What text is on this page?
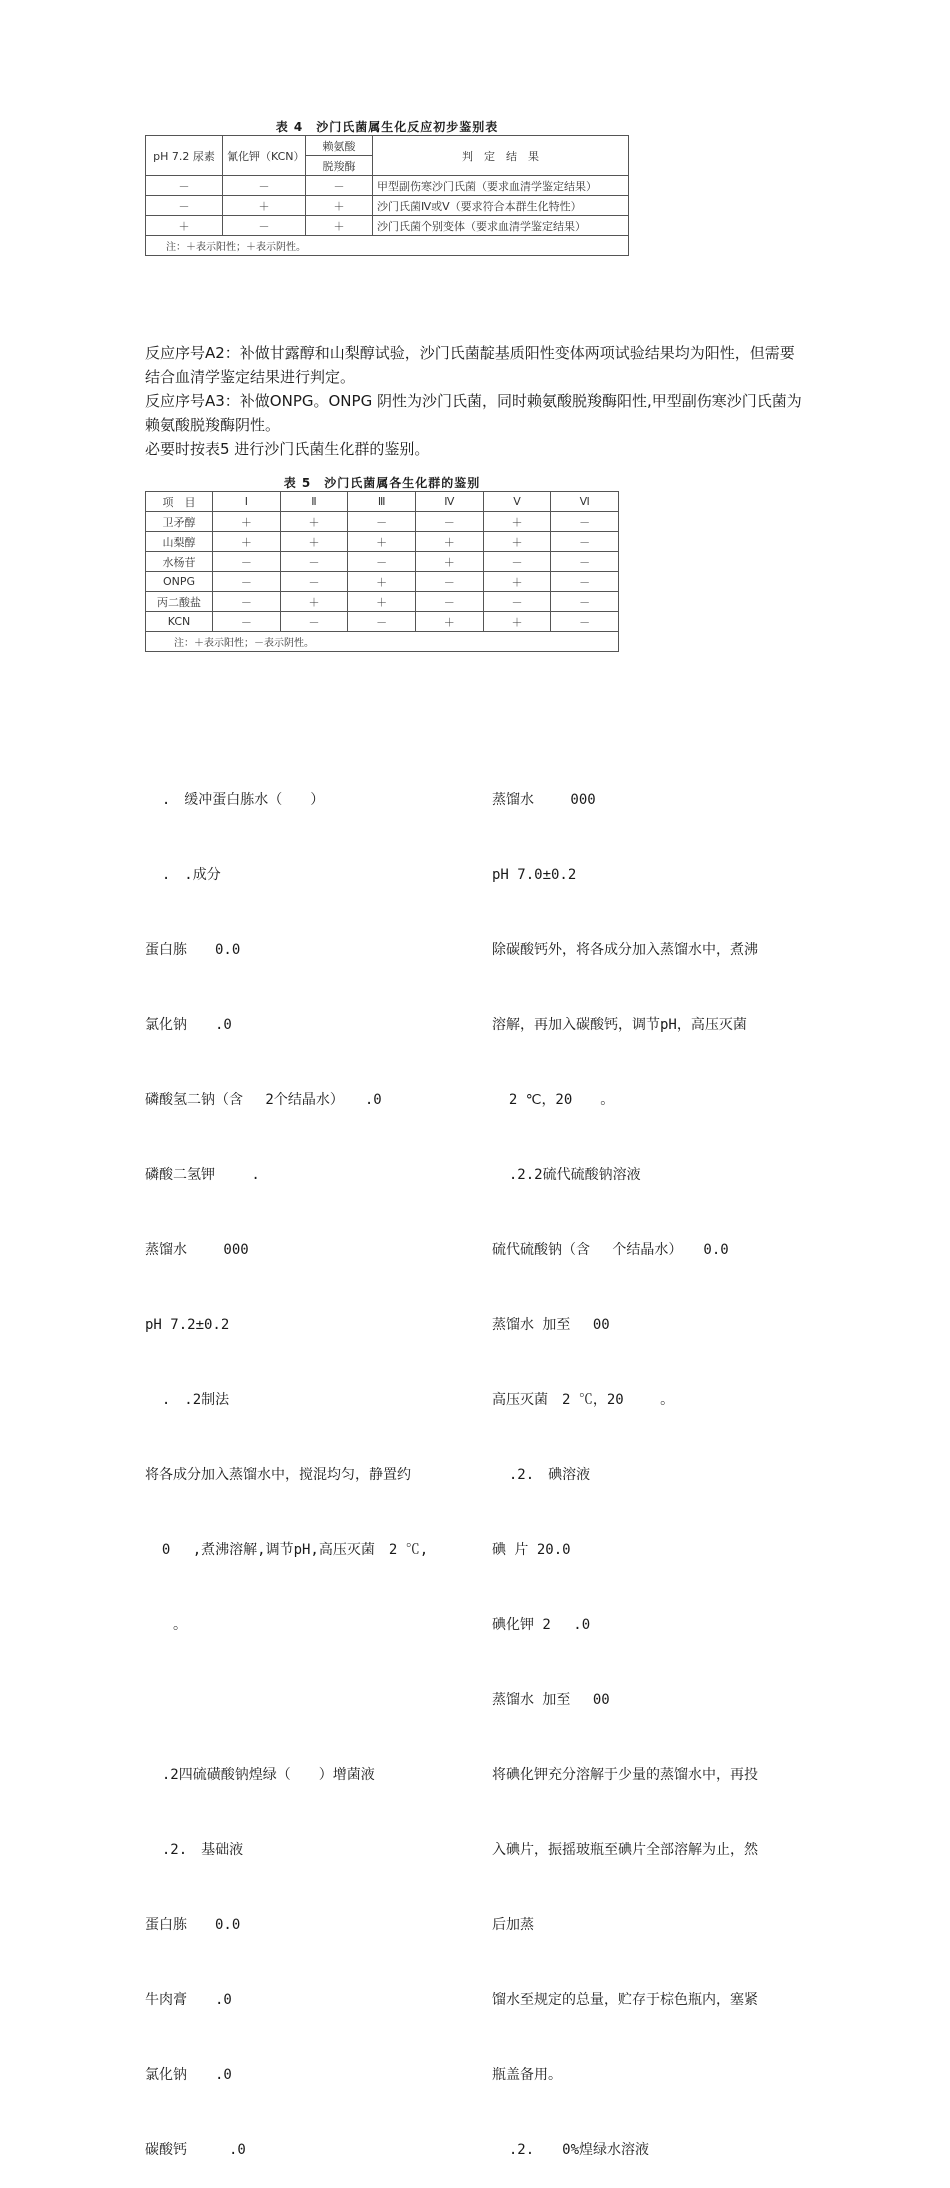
表 4　沙门氏菌属生化反应初步鉴别表
pH 7.2 尿素	氰化钾（KCN）	赖氨酸	判　定　结　果
		脱羧酶	
－	－	－	甲型副伤寒沙门氏菌（要求血清学鉴定结果）
－	＋	＋	沙门氏菌Ⅳ或Ⅴ（要求符合本群生化特性）
＋	－	＋	沙门氏菌个别变体（要求血清学鉴定结果）
注：＋表示阳性；＋表示阴性。			
反应序号A2：补做甘露醇和山梨醇试验，沙门氏菌靛基质阳性变体两项试验结果均为阳性，但需要结合血清学鉴定结果进行判定。
反应序号A3：补做ONPG。ONPG 阴性为沙门氏菌，同时赖氨酸脱羧酶阳性,甲型副伤寒沙门氏菌为赖氨酸脱羧酶阴性。
必要时按表5 进行沙门氏菌生化群的鉴别。
表 5　沙门氏菌属各生化群的鉴别
项　目	Ⅰ	Ⅱ	Ⅲ	Ⅳ	Ⅴ	Ⅵ
卫矛醇	＋	＋	－	－	＋	－
山梨醇	＋	＋	＋	＋	＋	－
水杨苷	－	－	－	＋	－	－
ONPG	－	－	＋	－	＋	－
丙二酸盐	－	＋	＋	－	－	－
KCN	－	－	－	＋	＋	－
注：＋表示阳性；－表示阴性。						

.　缓冲蛋白胨水（　　）

.　.成分

蛋白胨　　0.0

氯化钠　　.0

磷酸氢二钠（含　 2个结晶水）　　.0

磷酸二氢钾　　 .

蒸馏水　　 000

pH 7.2±0.2

.　.2制法

将各成分加入蒸馏水中，搅混均匀，静置约

0　 ,煮沸溶解,调节pH,高压灭菌　2 ℃,

　　。

.2四硫磺酸钠煌绿（　　）增菌液

.2.　基础液

蛋白胨　　0.0

牛肉膏　　.0

氯化钠　　.0

碳酸钙　　　.0

蒸馏水　　 000

pH 7.0±0.2

除碳酸钙外，将各成分加入蒸馏水中，煮沸

溶解，再加入碳酸钙，调节pH，高压灭菌

2 ℃，20　　。

.2.2硫代硫酸钠溶液

硫代硫酸钠（含　 个结晶水）　　0.0

蒸馏水 加至　 00

高压灭菌　2 ℃，20　　 。

.2.　碘溶液

碘 片 20.0

碘化钾 2　 .0

蒸馏水 加至　 00

将碘化钾充分溶解于少量的蒸馏水中，再投

入碘片，振摇玻瓶至碘片全部溶解为止，然

后加蒸

馏水至规定的总量，贮存于棕色瓶内，塞紧

瓶盖备用。

.2.　　0%煌绿水溶液
